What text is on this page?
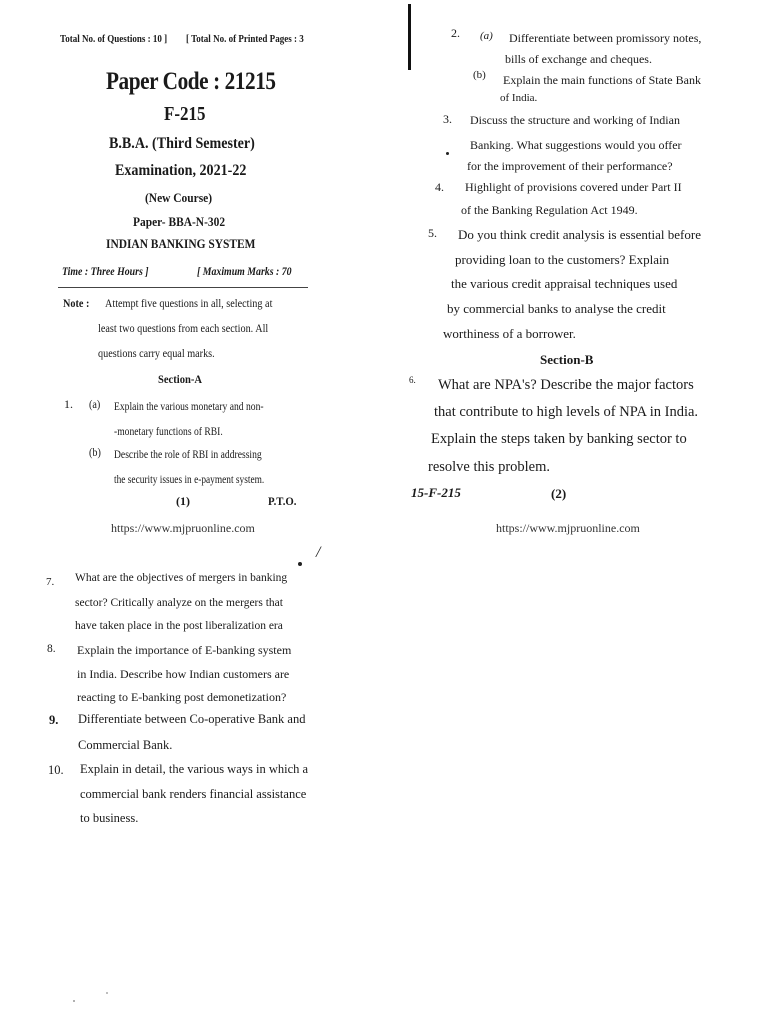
Total No. of Questions : 10 ] [ Total No. of Printed Pages : 3
Paper Code : 21215
F-215
B.B.A. (Third Semester)
Examination, 2021-22
(New Course)
Paper- BBA-N-302
INDIAN BANKING SYSTEM
Time : Three Hours ]	[ Maximum Marks : 70
Note : Attempt five questions in all, selecting at
least two questions from each section. All
questions carry equal marks.
Section-A
1. (a) Explain the various monetary and non-
-monetary functions of RBI.
(b) Describe the role of RBI in addressing
the security issues in e-payment system.
(1)	P.T.O.
https://www.mjpruonline.com
/
2. (a) Differentiate between promissory notes,
bills of exchange and cheques.
(b) Explain the main functions of State Bank
of India.
3. Discuss the structure and working of Indian
Banking. What suggestions would you offer
for the improvement of their performance?
4. Highlight of provisions covered under Part II
of the Banking Regulation Act 1949.
5. Do you think credit analysis is essential before
providing loan to the customers? Explain
the various credit appraisal techniques used
by commercial banks to analyse the credit
worthiness of a borrower.
Section-B
6. What are NPA's? Describe the major factors
that contribute to high levels of NPA in India.
Explain the steps taken by banking sector to
resolve this problem.
15-F-215	(2)
https://www.mjpruonline.com
7. What are the objectives of mergers in banking
sector? Critically analyze on the mergers that
have taken place in the post liberalization era
8. Explain the importance of E-banking system
in India. Describe how Indian customers are
reacting to E-banking post demonetization?
9. Differentiate between Co-operative Bank and
Commercial Bank.
10. Explain in detail, the various ways in which a
commercial bank renders financial assistance
to business.
